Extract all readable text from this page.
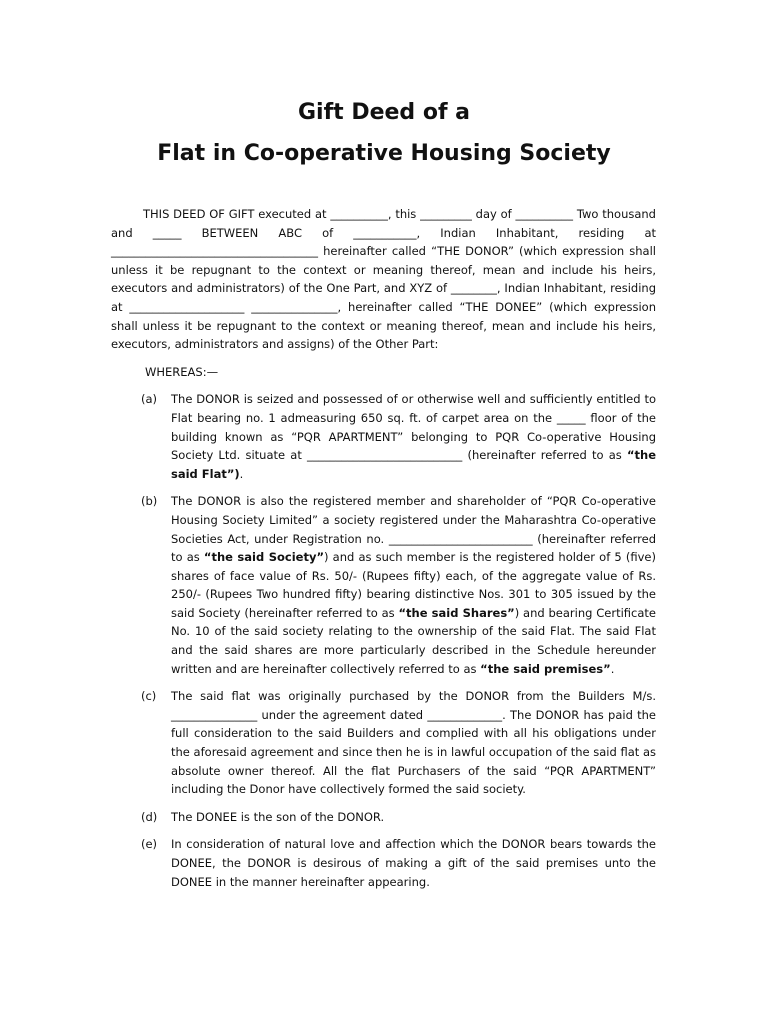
Gift Deed of a
Flat in Co-operative Housing Society

THIS DEED OF GIFT executed at __________, this _________ day of __________ Two thousand and _____ BETWEEN ABC of ___________, Indian Inhabitant, residing at ____________________________________ hereinafter called “THE DONOR” (which expression shall unless it be repugnant to the context or meaning thereof, mean and include his heirs, executors and administrators) of the One Part, and XYZ of ________, Indian Inhabitant, residing at ____________________ _______________, hereinafter called “THE DONEE” (which expression shall unless it be repugnant to the context or meaning thereof, mean and include his heirs, executors, administrators and assigns) of the Other Part:

WHEREAS:—
(a) The DONOR is seized and possessed of or otherwise well and sufficiently entitled to Flat bearing no. 1 admeasuring 650 sq. ft. of carpet area on the _____ floor of the building known as “PQR APARTMENT” belonging to PQR Co-operative Housing Society Ltd. situate at ___________________________ (hereinafter referred to as “the said Flat”).
(b) The DONOR is also the registered member and shareholder of “PQR Co-operative Housing Society Limited” a society registered under the Maharashtra Co-operative Societies Act, under Registration no. _________________________ (hereinafter referred to as “the said Society”) and as such member is the registered holder of 5 (five) shares of face value of Rs. 50/- (Rupees fifty) each, of the aggregate value of Rs. 250/- (Rupees Two hundred fifty) bearing distinctive Nos. 301 to 305 issued by the said Society (hereinafter referred to as “the said Shares”) and bearing Certificate No. 10 of the said society relating to the ownership of the said Flat. The said Flat and the said shares are more particularly described in the Schedule hereunder written and are hereinafter collectively referred to as “the said premises”.
(c) The said flat was originally purchased by the DONOR from the Builders M/s. _______________ under the agreement dated _____________. The DONOR has paid the full consideration to the said Builders and complied with all his obligations under the aforesaid agreement and since then he is in lawful occupation of the said flat as absolute owner thereof. All the flat Purchasers of the said “PQR APARTMENT” including the Donor have collectively formed the said society.
(d) The DONEE is the son of the DONOR.
(e) In consideration of natural love and affection which the DONOR bears towards the DONEE, the DONOR is desirous of making a gift of the said premises unto the DONEE in the manner hereinafter appearing.
